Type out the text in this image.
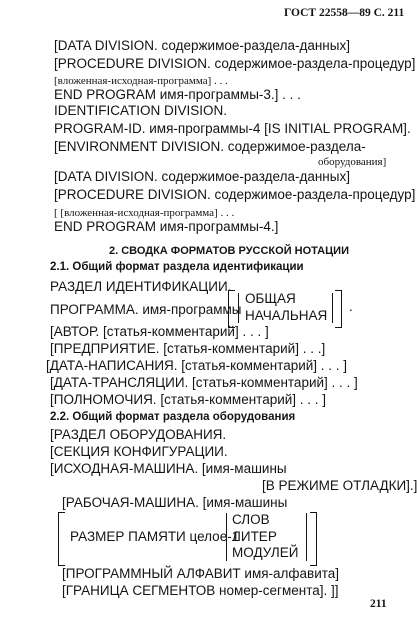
ГОСТ 22558—89 С. 211
[DATA DIVISION. содержимое-раздела-данных]
[PROCEDURE DIVISION. содержимое-раздела-процедур]
[вложенная-исходная-программа] . . .
END PROGRAM имя-программы-3.] . . .
IDENTIFICATION DIVISION.
PROGRAM-ID. имя-программы-4 [IS INITIAL PROGRAM].
[ENVIRONMENT DIVISION. содержимое-раздела-
оборудования]
[DATA DIVISION. содержимое-раздела-данных]
[PROCEDURE DIVISION. содержимое-раздела-процедур]
[ [вложенная-исходная-программа] . . .
END PROGRAM имя-программы-4.]
2. СВОДКА ФОРМАТОВ РУССКОЙ НОТАЦИИ
2.1. Общий формат раздела идентификации
РАЗДЕЛ ИДЕНТИФИКАЦИИ.
ПРОГРАММА. имя-программы
ОБЩАЯ
НАЧАЛЬНАЯ
.
[АВТОР. [статья-комментарий] . . . ]
[ПРЕДПРИЯТИЕ. [статья-комментарий] . . .]
[ДАТА-НАПИСАНИЯ. [статья-комментарий] . . . ]
[ДАТА-ТРАНСЛЯЦИИ. [статья-комментарий] . . . ]
[ПОЛНОМОЧИЯ. [статья-комментарий] . . . ]
2.2. Общий формат раздела оборудования
[РАЗДЕЛ ОБОРУДОВАНИЯ.
[СЕКЦИЯ КОНФИГУРАЦИИ.
[ИСХОДНАЯ-МАШИНА. [имя-машины
[В РЕЖИМЕ ОТЛАДКИ].]
[РАБОЧАЯ-МАШИНА. [имя-машины
РАЗМЕР ПАМЯТИ целое-1
СЛОВ
ЛИТЕР
МОДУЛЕЙ
[ПРОГРАММНЫЙ АЛФАВИТ имя-алфавита]
[ГРАНИЦА СЕГМЕНТОВ номер-сегмента]. ]]
211
